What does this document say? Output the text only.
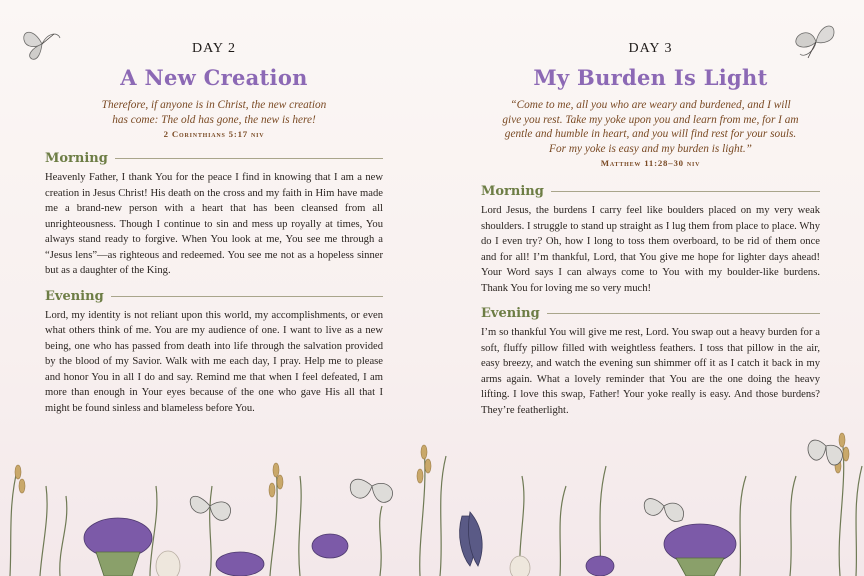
DAY 2
A New Creation
Therefore, if anyone is in Christ, the new creation has come: The old has gone, the new is here!
2 Corinthians 5:17 niv
Morning
Heavenly Father, I thank You for the peace I find in knowing that I am a new creation in Jesus Christ! His death on the cross and my faith in Him have made me a brand-new person with a heart that has been cleansed from all unrighteousness. Though I continue to sin and mess up royally at times, You always stand ready to forgive. When You look at me, You see me through a “Jesus lens”—as righteous and redeemed. You see me not as a hopeless sinner but as a daughter of the King.
Evening
Lord, my identity is not reliant upon this world, my accomplishments, or even what others think of me. You are my audience of one. I want to live as a new being, one who has passed from death into life through the salvation provided by the blood of my Savior. Walk with me each day, I pray. Help me to please and honor You in all I do and say. Remind me that when I feel defeated, I am more than enough in Your eyes because of the one who gave His all that I might be found sinless and blameless before You.
DAY 3
My Burden Is Light
“Come to me, all you who are weary and burdened, and I will give you rest. Take my yoke upon you and learn from me, for I am gentle and humble in heart, and you will find rest for your souls. For my yoke is easy and my burden is light.”
Matthew 11:28–30 niv
Morning
Lord Jesus, the burdens I carry feel like boulders placed on my very weak shoulders. I struggle to stand up straight as I lug them from place to place. Why do I even try? Oh, how I long to toss them overboard, to be rid of them once and for all! I’m thankful, Lord, that You give me hope for lighter days ahead! Your Word says I can always come to You with my boulder-like burdens. Thank You for loving me so very much!
Evening
I’m so thankful You will give me rest, Lord. You swap out a heavy burden for a soft, fluffy pillow filled with weightless feathers. I toss that pillow in the air, easy breezy, and watch the evening sun shimmer off it as I catch it back in my arms again. What a lovely reminder that You are the one doing the heavy lifting. I love this swap, Father! Your yoke really is easy. And those burdens? They’re featherlight.
